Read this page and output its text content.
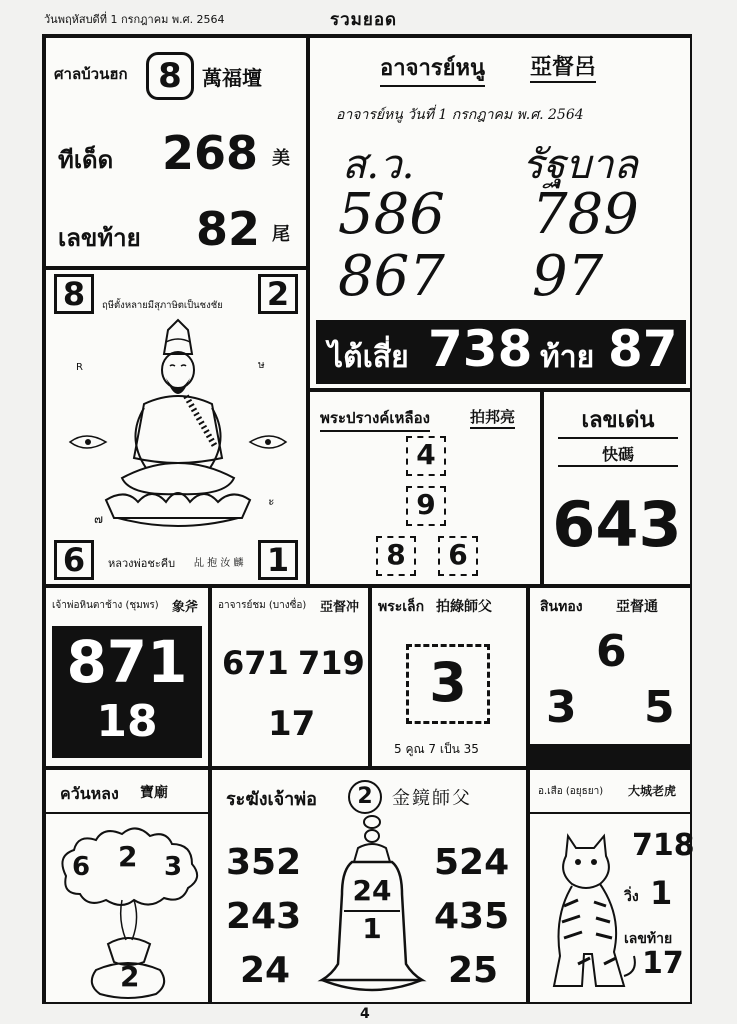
วันพฤหัสบดีที่ 1 กรกฎาคม พ.ศ. 2564	รวมยอด
ศาลบ้วนฮก 8	萬福壇
ทีเด็ด 268 美
เลขท้าย 82 尾
8	2
ฤษีตั้งหลายมีสุภาษิตเป็นชงชัย
R	ษ
๗
ะ
6	1
หลวงพ่อชะคีบ 乩 抱 汝 麟
อาจารย์หนู 亞督呂
อาจารย์หนู วันที่ 1 กรกฎาคม พ.ศ. 2564
ส.ว.	รัฐบาล
586 789
867 97
ไต้เสี่ย 738 ท้าย 87
พระปรางค์เหลือง	拍邦亮
4
9
8	6
เลขเด่น
快碼
643
เจ้าพ่อหินตาช้าง (ชุมพร) 象斧
871
18
อาจารย์ชม (บางซื่อ) 亞督冲
671 719
17
พระเล็ก 拍綠師父
3
5 คูณ 7 เป็น 35
สินทอง 亞督通
6
3 5
ควันหลง 寶廟
6 2 3
2
ระฆังเจ้าพ่อ	2	金鏡師父
24
1
352
243
24
524
435
25
อ.เสือ (อยุธยา) 大城老虎
718
วิ่ง 1
เลขท้าย
17
4
